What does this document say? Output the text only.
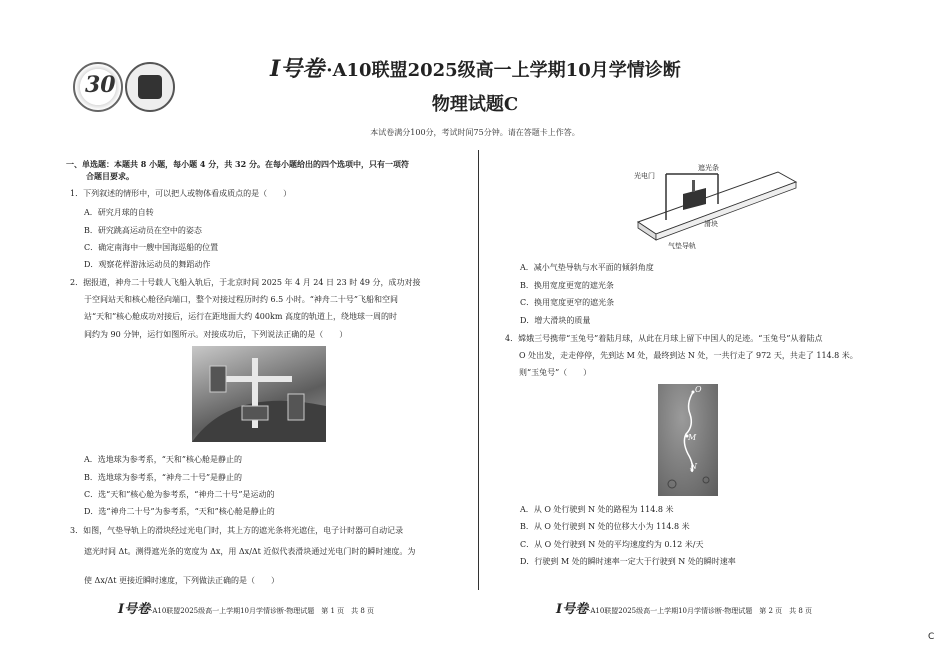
30
I号卷 ·A10联盟2025级高一上学期10月学情诊断
物理试题C
本试卷满分100分，考试时间75分钟。请在答题卡上作答。
一、单选题：本题共 8 小题，每小题 4 分，共 32 分。在每小题给出的四个选项中，只有一项符
合题目要求。
1．下列叙述的情形中，可以把人或物体看成质点的是（　　）
A．研究月球的自转
B．研究跳高运动员在空中的姿态
C．确定南海中一艘中国海巡船的位置
D．观察花样游泳运动员的舞蹈动作
2．据报道，神舟二十号载人飞船入轨后，于北京时间 2025 年 4 月 24 日 23 时 49 分，成功对接
于空间站天和核心舱径向端口，整个对接过程历时约 6.5 小时。“神舟二十号”飞船和空间
站“天和”核心舱成功对接后，运行在距地面大约 400km 高度的轨道上，绕地球一周的时
间约为 90 分钟，运行如图所示。对接成功后，下列说法正确的是（　　）
A．选地球为参考系，“天和”核心舱是静止的
B．选地球为参考系，“神舟二十号”是静止的
C．选“天和”核心舱为参考系，“神舟二十号”是运动的
D．选“神舟二十号”为参考系，“天和”核心舱是静止的
3．如图，气垫导轨上的滑块经过光电门时，其上方的遮光条将光遮住，电子计时器可自动记录
遮光时间 Δt。测得遮光条的宽度为 Δx，用 Δx/Δt 近似代表滑块通过光电门时的瞬时速度。为
使 Δx/Δt 更接近瞬时速度，下列做法正确的是（　　）
I号卷·A10联盟2025级高一上学期10月学情诊断·物理试题　第 1 页　共 8 页
光电门
遮光条
滑块
气垫导轨
A．减小气垫导轨与水平面的倾斜角度
B．换用宽度更宽的遮光条
C．换用宽度更窄的遮光条
D．增大滑块的质量
4．嫦娥三号携带“玉兔号”着陆月球，从此在月球上留下中国人的足迹。“玉兔号”从着陆点
O 处出发，走走停停，先到达 M 处，最终到达 N 处，一共行走了 972 天，共走了 114.8 米。
则“玉兔号”（　　）
O
M
N
A．从 O 处行驶到 N 处的路程为 114.8 米
B．从 O 处行驶到 N 处的位移大小为 114.8 米
C．从 O 处行驶到 N 处的平均速度约为 0.12 米/天
D．行驶到 M 处的瞬时速率一定大于行驶到 N 处的瞬时速率
I号卷·A10联盟2025级高一上学期10月学情诊断·物理试题　第 2 页　共 8 页
C
